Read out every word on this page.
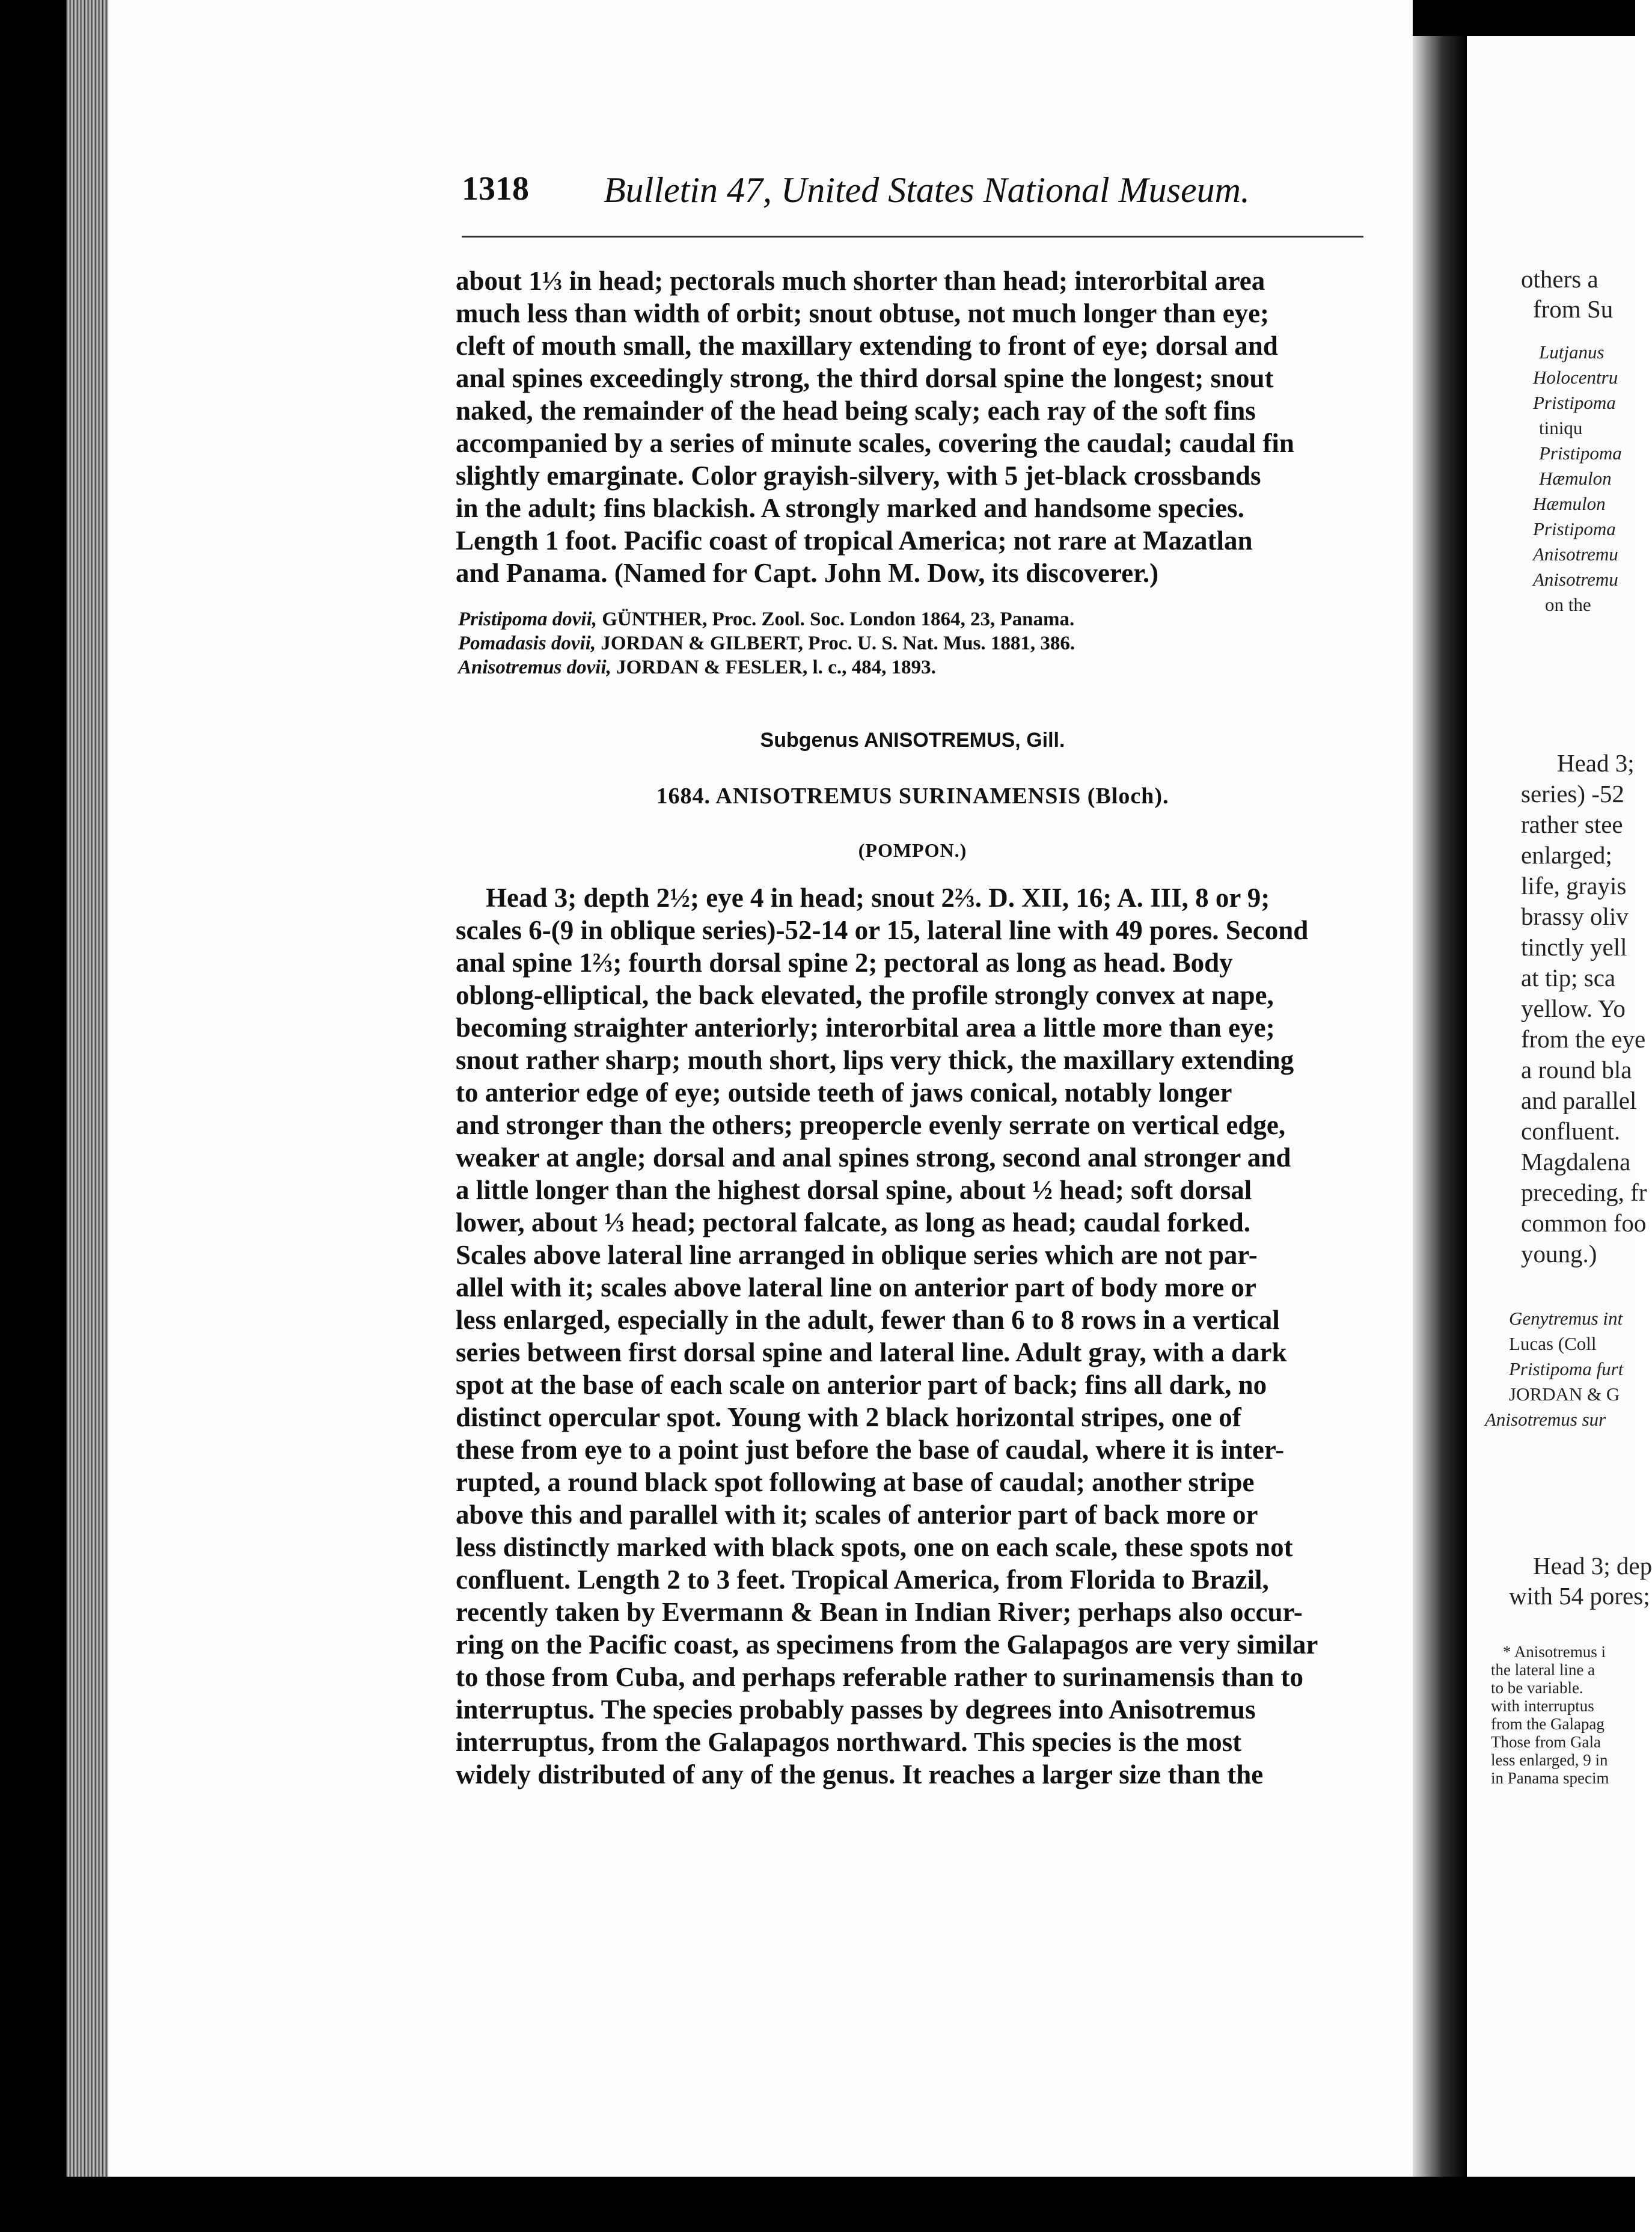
1318 Bulletin 47, United States National Museum.

about 1⅓ in head; pectorals much shorter than head; interorbital area

much less than width of orbit; snout obtuse, not much longer than eye;

cleft of mouth small, the maxillary extending to front of eye; dorsal and

anal spines exceedingly strong, the third dorsal spine the longest; snout

naked, the remainder of the head being scaly; each ray of the soft fins

accompanied by a series of minute scales, covering the caudal; caudal fin

slightly emarginate. Color grayish-silvery, with 5 jet-black crossbands

in the adult; fins blackish. A strongly marked and handsome species.

Length 1 foot. Pacific coast of tropical America; not rare at Mazatlan

and Panama. (Named for Capt. John M. Dow, its discoverer.)

Pristipoma dovii, GÜNTHER, Proc. Zool. Soc. London 1864, 23, Panama.
Pomadasis dovii, JORDAN & GILBERT, Proc. U. S. Nat. Mus. 1881, 386.
Anisotremus dovii, JORDAN & FESLER, l. c., 484, 1893.
Subgenus ANISOTREMUS, Gill.
1684. ANISOTREMUS SURINAMENSIS (Bloch).
(POMPON.)

Head 3; depth 2½; eye 4 in head; snout 2⅔. D. XII, 16; A. III, 8 or 9;

scales 6-(9 in oblique series)-52-14 or 15, lateral line with 49 pores. Second

anal spine 1⅔; fourth dorsal spine 2; pectoral as long as head. Body

oblong-elliptical, the back elevated, the profile strongly convex at nape,

becoming straighter anteriorly; interorbital area a little more than eye;

snout rather sharp; mouth short, lips very thick, the maxillary extending

to anterior edge of eye; outside teeth of jaws conical, notably longer

and stronger than the others; preopercle evenly serrate on vertical edge,

weaker at angle; dorsal and anal spines strong, second anal stronger and

a little longer than the highest dorsal spine, about ½ head; soft dorsal

lower, about ⅓ head; pectoral falcate, as long as head; caudal forked.

Scales above lateral line arranged in oblique series which are not par-

allel with it; scales above lateral line on anterior part of body more or

less enlarged, especially in the adult, fewer than 6 to 8 rows in a vertical

series between first dorsal spine and lateral line. Adult gray, with a dark

spot at the base of each scale on anterior part of back; fins all dark, no

distinct opercular spot. Young with 2 black horizontal stripes, one of

these from eye to a point just before the base of caudal, where it is inter-

rupted, a round black spot following at base of caudal; another stripe

above this and parallel with it; scales of anterior part of back more or

less distinctly marked with black spots, one on each scale, these spots not

confluent. Length 2 to 3 feet. Tropical America, from Florida to Brazil,

recently taken by Evermann & Bean in Indian River; perhaps also occur-

ring on the Pacific coast, as specimens from the Galapagos are very similar

to those from Cuba, and perhaps referable rather to surinamensis than to

interruptus. The species probably passes by degrees into Anisotremus

interruptus, from the Galapagos northward. This species is the most

widely distributed of any of the genus. It reaches a larger size than the

others a
from Su
Lutjanus
Holocentru
Pristipoma
tiniqu
Pristipoma
Hæmulon
Hæmulon
Pristipoma
Anisotremu
Anisotremu
on the
Head 3;
series) -52
rather stee
enlarged;
life, grayis
brassy oliv
tinctly yell
at tip; sca
yellow. Yo
from the eye
a round bla
and parallel
confluent.
Magdalena
preceding, fr
common foo
young.)
Genytremus int
Lucas (Coll
Pristipoma furt
JORDAN & G
Anisotremus sur
Head 3; dep
with 54 pores;
* Anisotremus i
the lateral line a
to be variable.
with interruptus
from the Galapag
Those from Gala
less enlarged, 9 in
in Panama specim
